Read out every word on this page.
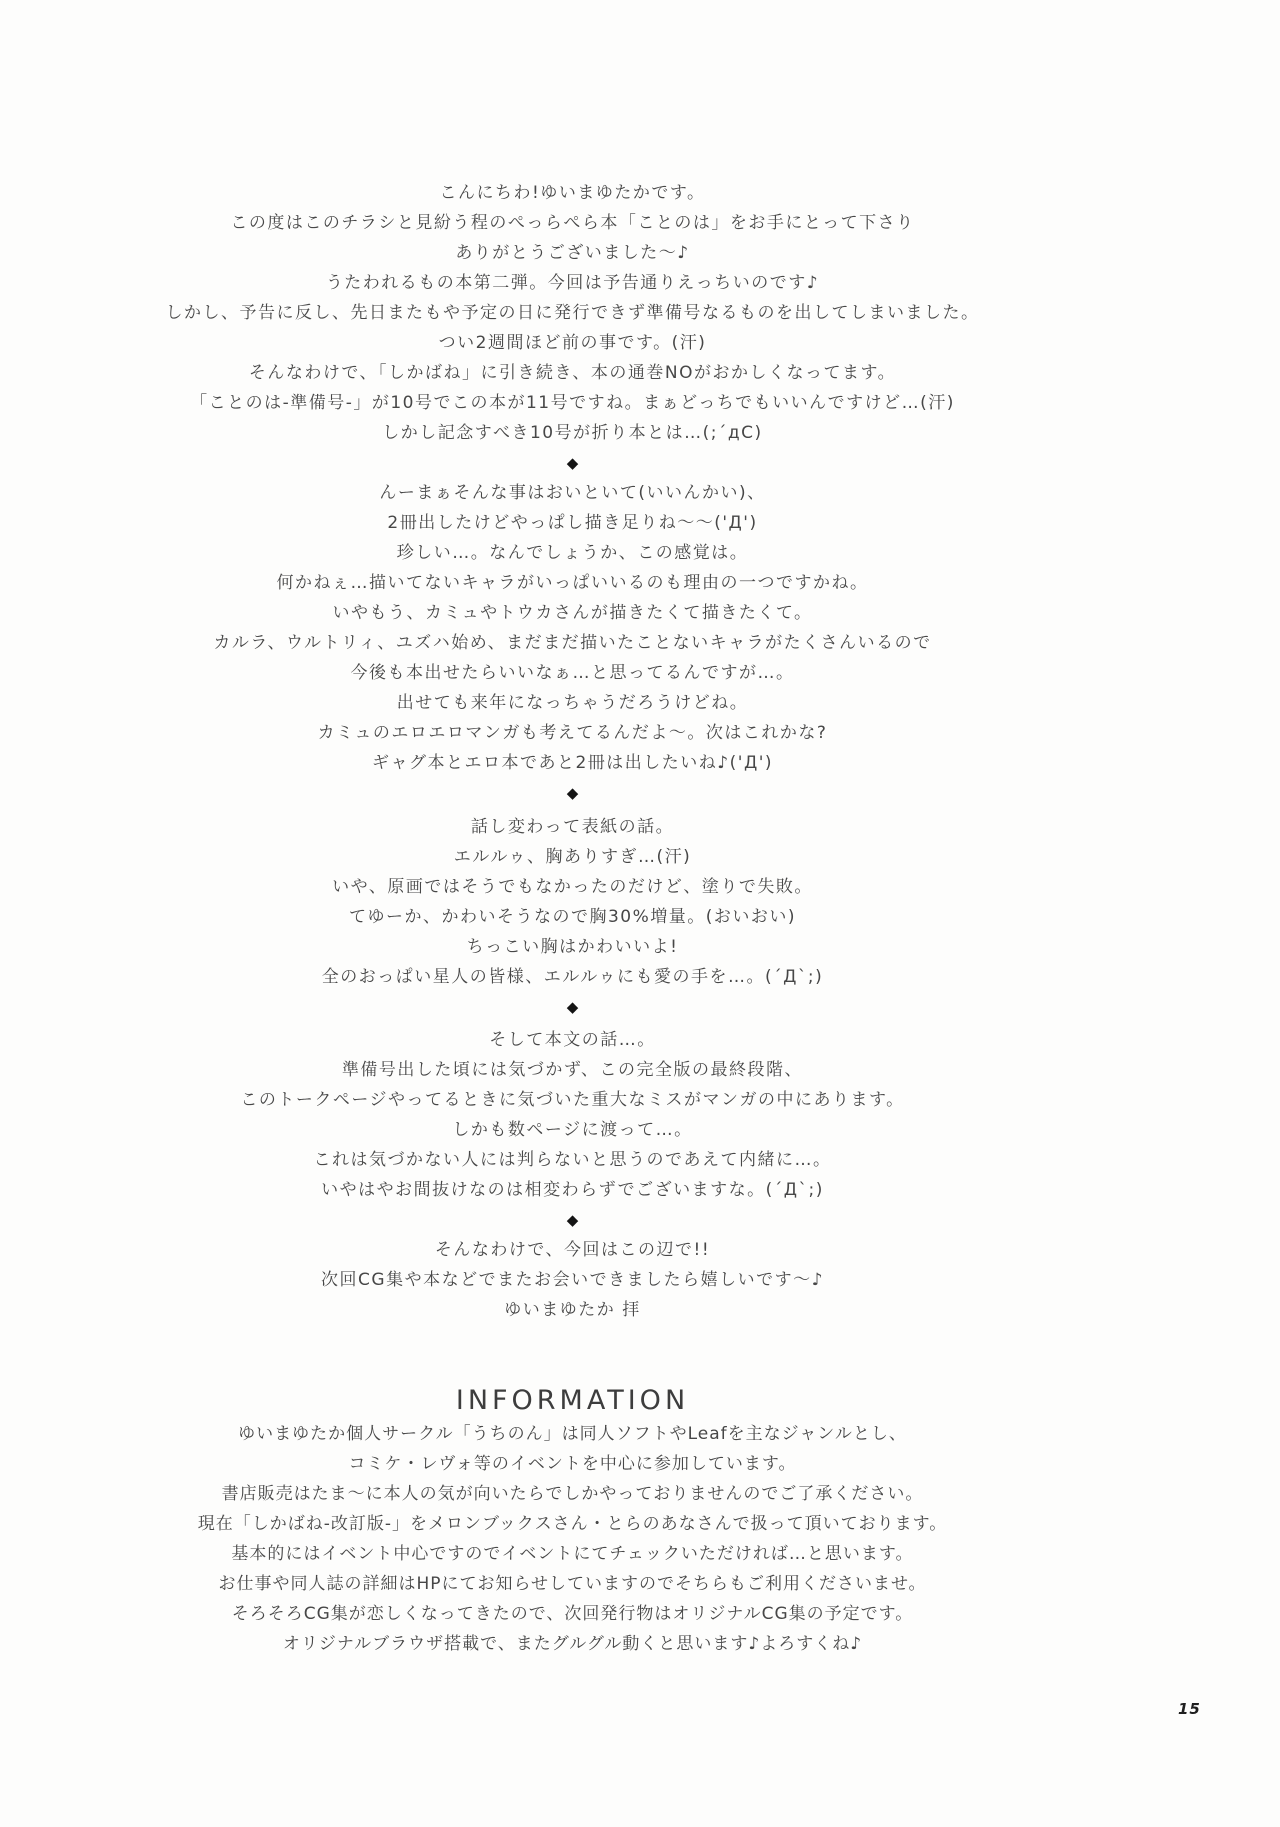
こんにちわ!ゆいまゆたかです。
この度はこのチラシと見紛う程のぺっらぺら本「ことのは」をお手にとって下さり
ありがとうございました〜♪
うたわれるもの本第二弾。今回は予告通りえっちいのです♪
しかし、予告に反し、先日またもや予定の日に発行できず準備号なるものを出してしまいました。
つい2週間ほど前の事です。(汗)
そんなわけで、「しかばね」に引き続き、本の通巻NOがおかしくなってます。
「ことのは-準備号-」が10号でこの本が11号ですね。まぁどっちでもいいんですけど…(汗)
しかし記念すべき10号が折り本とは…(;´дC)
◆
んーまぁそんな事はおいといて(いいんかい)、
2冊出したけどやっぱし描き足りね〜〜('Д')
珍しい…。なんでしょうか、この感覚は。
何かねぇ…描いてないキャラがいっぱいいるのも理由の一つですかね。
いやもう、カミュやトウカさんが描きたくて描きたくて。
カルラ、ウルトリィ、ユズハ始め、まだまだ描いたことないキャラがたくさんいるので
今後も本出せたらいいなぁ…と思ってるんですが…。
出せても来年になっちゃうだろうけどね。
カミュのエロエロマンガも考えてるんだよ〜。次はこれかな?
ギャグ本とエロ本であと2冊は出したいね♪('Д')
◆
話し変わって表紙の話。
エルルゥ、胸ありすぎ…(汗)
いや、原画ではそうでもなかったのだけど、塗りで失敗。
てゆーか、かわいそうなので胸30%増量。(おいおい)
ちっこい胸はかわいいよ!
全のおっぱい星人の皆様、エルルゥにも愛の手を…。(´Д`;)
◆
そして本文の話…。
準備号出した頃には気づかず、この完全版の最終段階、
このトークページやってるときに気づいた重大なミスがマンガの中にあります。
しかも数ページに渡って…。
これは気づかない人には判らないと思うのであえて内緒に…。
いやはやお間抜けなのは相変わらずでございますな。(´Д`;)
◆
そんなわけで、今回はこの辺で!!
次回CG集や本などでまたお会いできましたら嬉しいです〜♪
ゆいまゆたか 拝
INFORMATION
ゆいまゆたか個人サークル「うちのん」は同人ソフトやLeafを主なジャンルとし、
コミケ・レヴォ等のイベントを中心に参加しています。
書店販売はたま〜に本人の気が向いたらでしかやっておりませんのでご了承ください。
現在「しかばね-改訂版-」をメロンブックスさん・とらのあなさんで扱って頂いております。
基本的にはイベント中心ですのでイベントにてチェックいただければ…と思います。
お仕事や同人誌の詳細はHPにてお知らせしていますのでそちらもご利用くださいませ。
そろそろCG集が恋しくなってきたので、次回発行物はオリジナルCG集の予定です。
オリジナルブラウザ搭載で、またグルグル動くと思います♪よろすくね♪
15
